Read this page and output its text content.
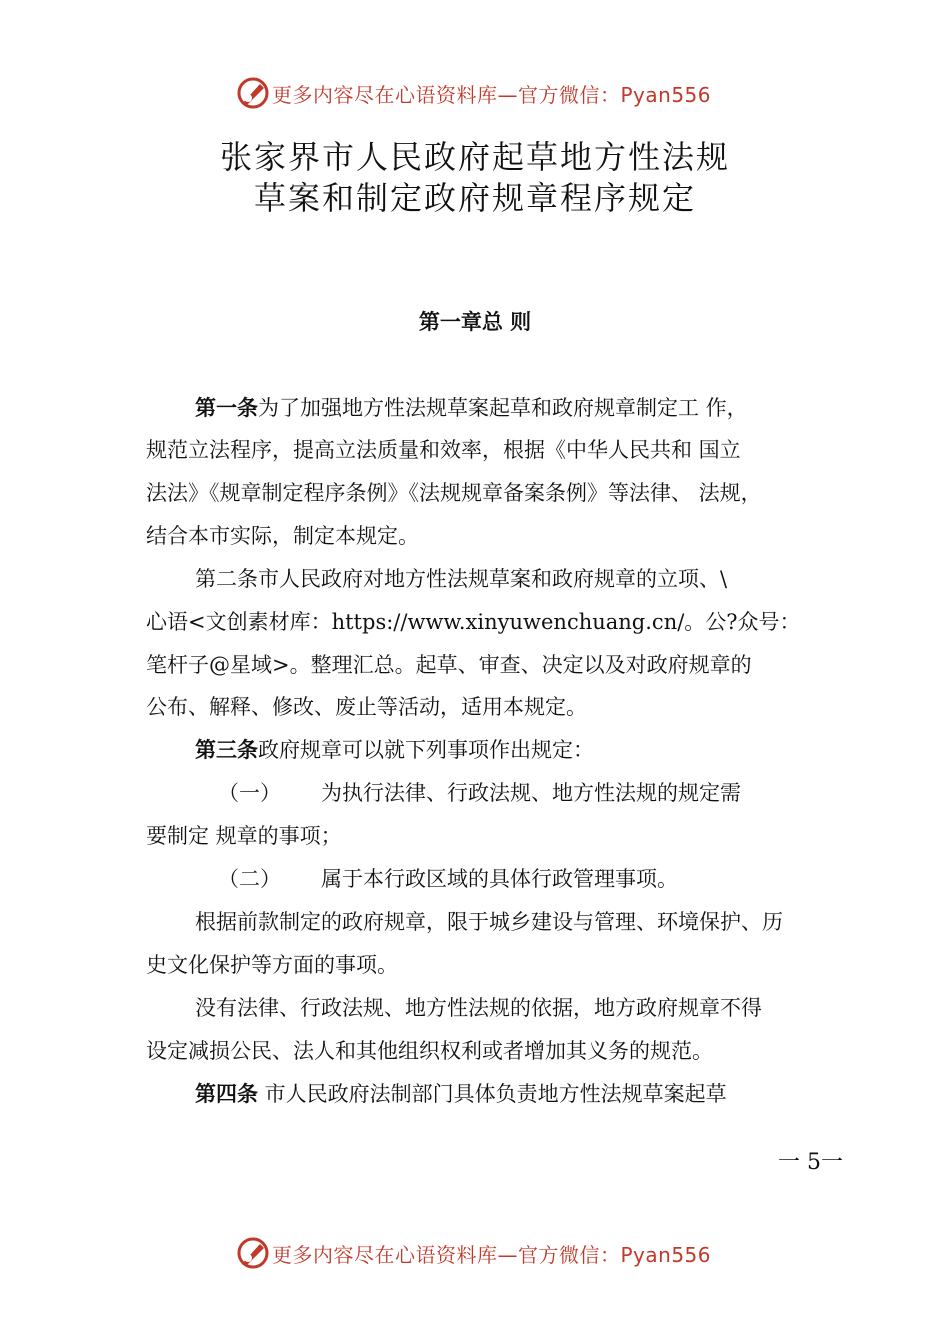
更多内容尽在心语资料库—官方微信：Pyan556
张家界市人民政府起草地方性法规
草案和制定政府规章程序规定
第一章总 则
第一条为了加强地方性法规草案起草和政府规章制定工 作，
规范立法程序，提高立法质量和效率，根据《中华人民共和 国立
法法》《规章制定程序条例》《法规规章备案条例》等法律、 法规，
结合本市实际，制定本规定。
第二条市人民政府对地方性法规草案和政府规章的立项、\
心语<文创素材库：https://www.xinyuwenchuang.cn/。公?众号：
笔杆子@星域>。整理汇总。起草、审查、决定以及对政府规章的
公布、解释、修改、废止等活动，适用本规定。
第三条政府规章可以就下列事项作出规定：
（一） 为执行法律、行政法规、地方性法规的规定需
要制定 规章的事项；
（二） 属于本行政区域的具体行政管理事项。
根据前款制定的政府规章，限于城乡建设与管理、环境保护、历
史文化保护等方面的事项。
没有法律、行政法规、地方性法规的依据，地方政府规章不得
设定减损公民、法人和其他组织权利或者增加其义务的规范。
第四条 市人民政府法制部门具体负责地方性法规草案起草
一 5一
更多内容尽在心语资料库—官方微信：Pyan556
